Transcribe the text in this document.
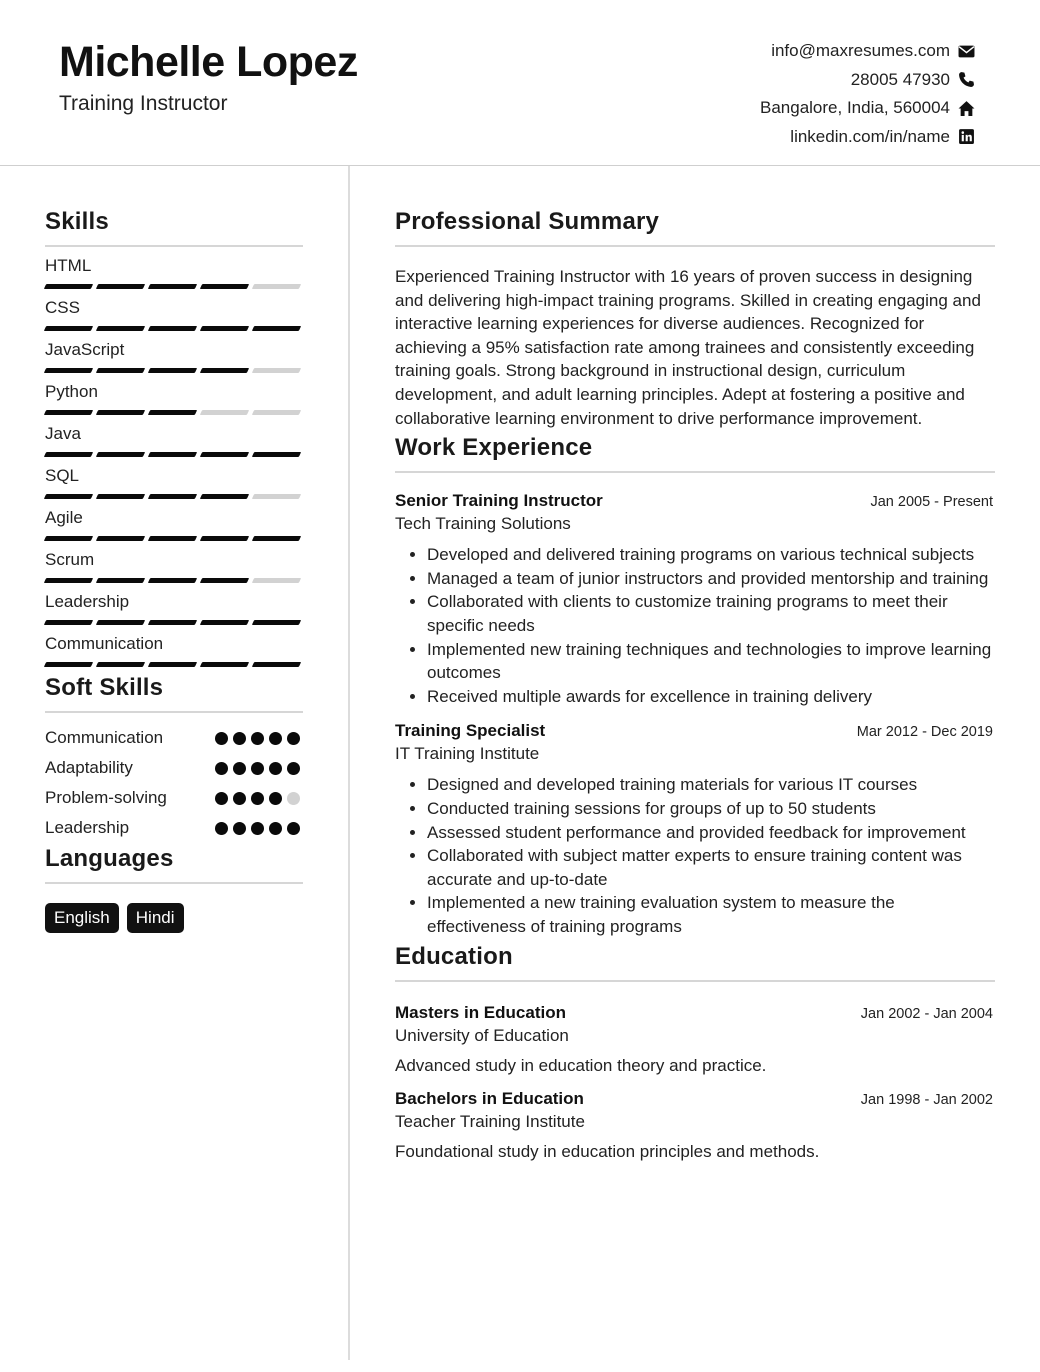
Michelle Lopez
Training Instructor
info@maxresumes.com
28005 47930
Bangalore, India, 560004
linkedin.com/in/name
Skills
HTML
CSS
JavaScript
Python
Java
SQL
Agile
Scrum
Leadership
Communication
Soft Skills
Communication
Adaptability
Problem-solving
Leadership
Languages
English	Hindi
Professional Summary

Experienced Training Instructor with 16 years of proven success in designing and delivering high-impact training programs. Skilled in creating engaging and interactive learning experiences for diverse audiences. Recognized for achieving a 95% satisfaction rate among trainees and consistently exceeding training goals. Strong background in instructional design, curriculum development, and adult learning principles. Adept at fostering a positive and collaborative learning environment to drive performance improvement.

Work Experience
Senior Training Instructor	Jan 2005 - Present
Tech Training Solutions
• Developed and delivered training programs on various technical subjects
• Managed a team of junior instructors and provided mentorship and training
• Collaborated with clients to customize training programs to meet their specific needs
• Implemented new training techniques and technologies to improve learning outcomes
• Received multiple awards for excellence in training delivery
Training Specialist	Mar 2012 - Dec 2019
IT Training Institute
• Designed and developed training materials for various IT courses
• Conducted training sessions for groups of up to 50 students
• Assessed student performance and provided feedback for improvement
• Collaborated with subject matter experts to ensure training content was accurate and up-to-date
• Implemented a new training evaluation system to measure the effectiveness of training programs
Education
Masters in Education	Jan 2002 - Jan 2004
University of Education
Advanced study in education theory and practice.
Bachelors in Education	Jan 1998 - Jan 2002
Teacher Training Institute
Foundational study in education principles and methods.
